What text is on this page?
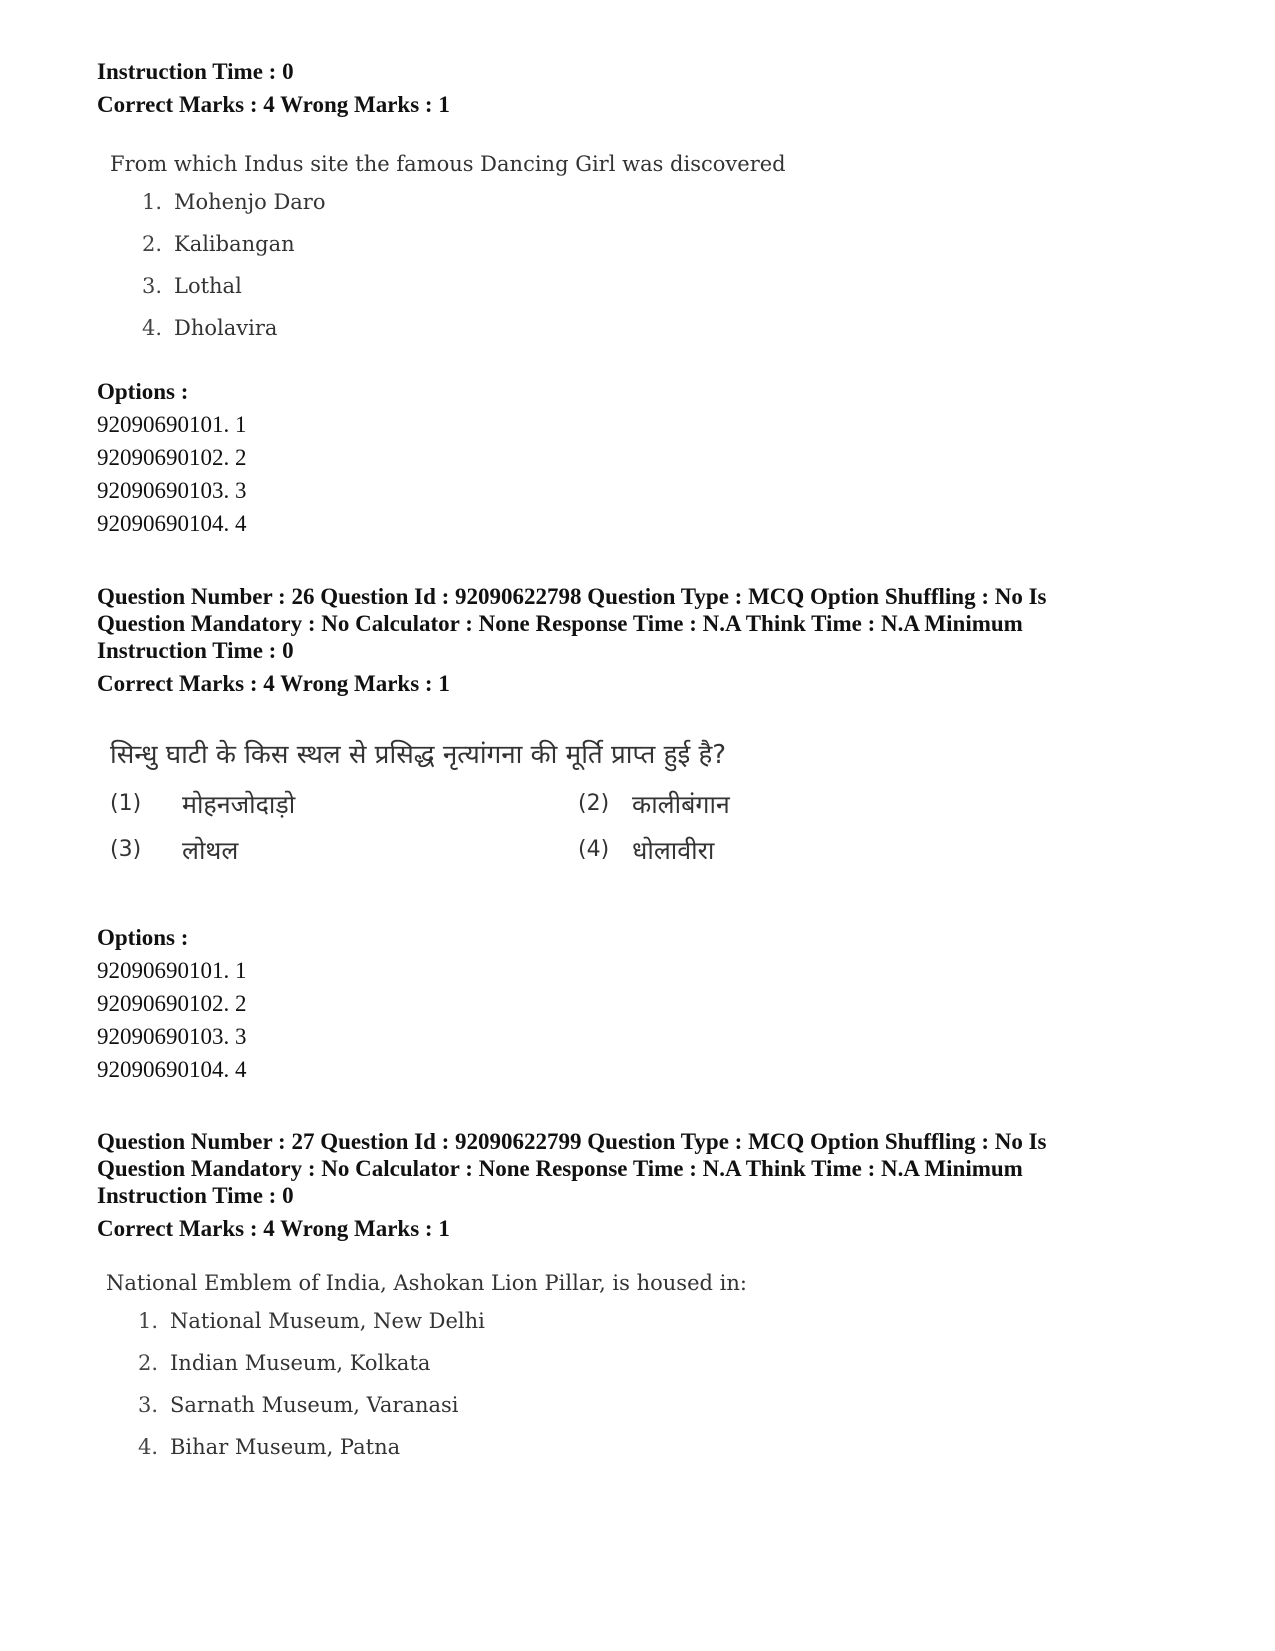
Instruction Time : 0
Correct Marks : 4 Wrong Marks : 1
From which Indus site the famous Dancing Girl was discovered
1. Mohenjo Daro
2. Kalibangan
3. Lothal
4. Dholavira
Options :
92090690101. 1
92090690102. 2
92090690103. 3
92090690104. 4
Question Number : 26 Question Id : 92090622798 Question Type : MCQ Option Shuffling : No Is
Question Mandatory : No Calculator : None Response Time : N.A Think Time : N.A Minimum
Instruction Time : 0
Correct Marks : 4 Wrong Marks : 1
सिन्धु घाटी के किस स्थल से प्रसिद्ध नृत्यांगना की मूर्ति प्राप्त हुई है?
(1) मोहनजोदाड़ो	(2) कालीबंगान
(3) लोथल	(4) धोलावीरा
Options :
92090690101. 1
92090690102. 2
92090690103. 3
92090690104. 4
Question Number : 27 Question Id : 92090622799 Question Type : MCQ Option Shuffling : No Is
Question Mandatory : No Calculator : None Response Time : N.A Think Time : N.A Minimum
Instruction Time : 0
Correct Marks : 4 Wrong Marks : 1
National Emblem of India, Ashokan Lion Pillar, is housed in:
1. National Museum, New Delhi
2. Indian Museum, Kolkata
3. Sarnath Museum, Varanasi
4. Bihar Museum, Patna
